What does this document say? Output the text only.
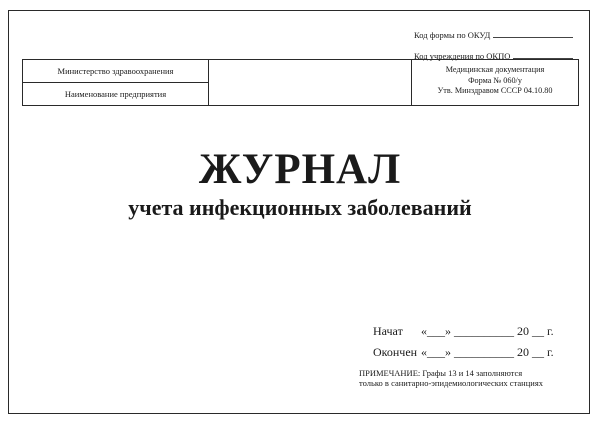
Код формы по ОКУД
Код учреждения по ОКПО
Министерство здравоохранения
Наименование предприятия
Медицинская документация
Форма № 060/у
Утв. Минздравом СССР 04.10.80
ЖУРНАЛ
учета инфекционных заболеваний
Начат «___» __________ 20 __ г.
Окончен «___» __________ 20 __ г.
ПРИМЕЧАНИЕ: Графы 13 и 14 заполняются
только в санитарно-эпидемиологических станциях
